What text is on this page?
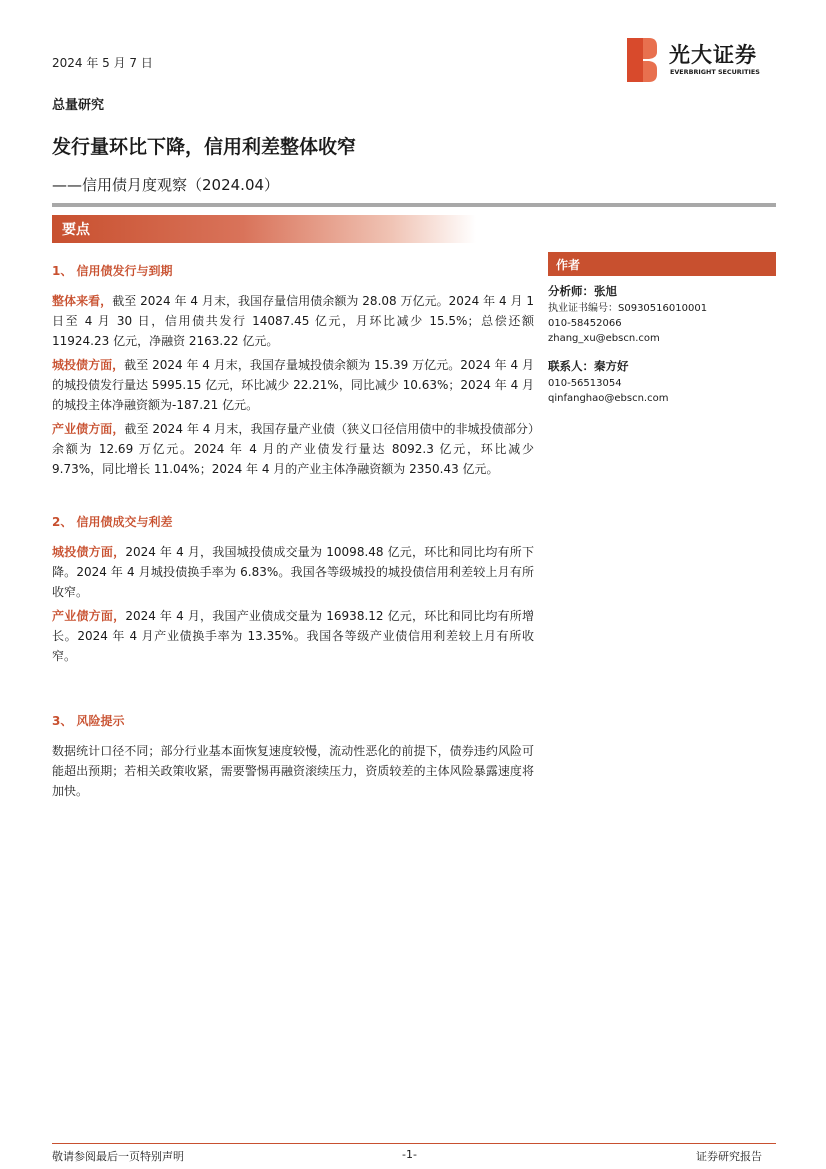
2024 年 5 月 7 日	光大证券
EVERBRIGHT SECURITIES
总量研究
发行量环比下降，信用利差整体收窄
——信用债月度观察（2024.04）
要点
1、 信用债发行与到期

整体来看，截至 2024 年 4 月末，我国存量信用债余额为 28.08 万亿元。2024 年 4 月 1 日至 4 月 30 日，信用债共发行 14087.45 亿元，月环比减少 15.5%；总偿还额 11924.23 亿元，净融资 2163.22 亿元。

城投债方面，截至 2024 年 4 月末，我国存量城投债余额为 15.39 万亿元。2024 年 4 月的城投债发行量达 5995.15 亿元，环比减少 22.21%，同比减少 10.63%；2024 年 4 月的城投主体净融资额为-187.21 亿元。

产业债方面，截至 2024 年 4 月末，我国存量产业债（狭义口径信用债中的非城投债部分）余额为 12.69 万亿元。2024 年 4 月的产业债发行量达 8092.3 亿元，环比减少 9.73%，同比增长 11.04%；2024 年 4 月的产业主体净融资额为 2350.43 亿元。

2、 信用债成交与利差

城投债方面，2024 年 4 月，我国城投债成交量为 10098.48 亿元，环比和同比均有所下降。2024 年 4 月城投债换手率为 6.83%。我国各等级城投的城投债信用利差较上月有所收窄。

产业债方面，2024 年 4 月，我国产业债成交量为 16938.12 亿元，环比和同比均有所增长。2024 年 4 月产业债换手率为 13.35%。我国各等级产业债信用利差较上月有所收窄。

3、 风险提示

数据统计口径不同；部分行业基本面恢复速度较慢，流动性恶化的前提下，债券违约风险可能超出预期；若相关政策收紧，需要警惕再融资滚续压力，资质较差的主体风险暴露速度将加快。

作者
分析师：张旭
执业证书编号：S0930516010001
010-58452066
zhang_xu@ebscn.com
联系人：秦方好
010-56513054
qinfanghao@ebscn.com
敬请参阅最后一页特别声明	-1-	证券研究报告
